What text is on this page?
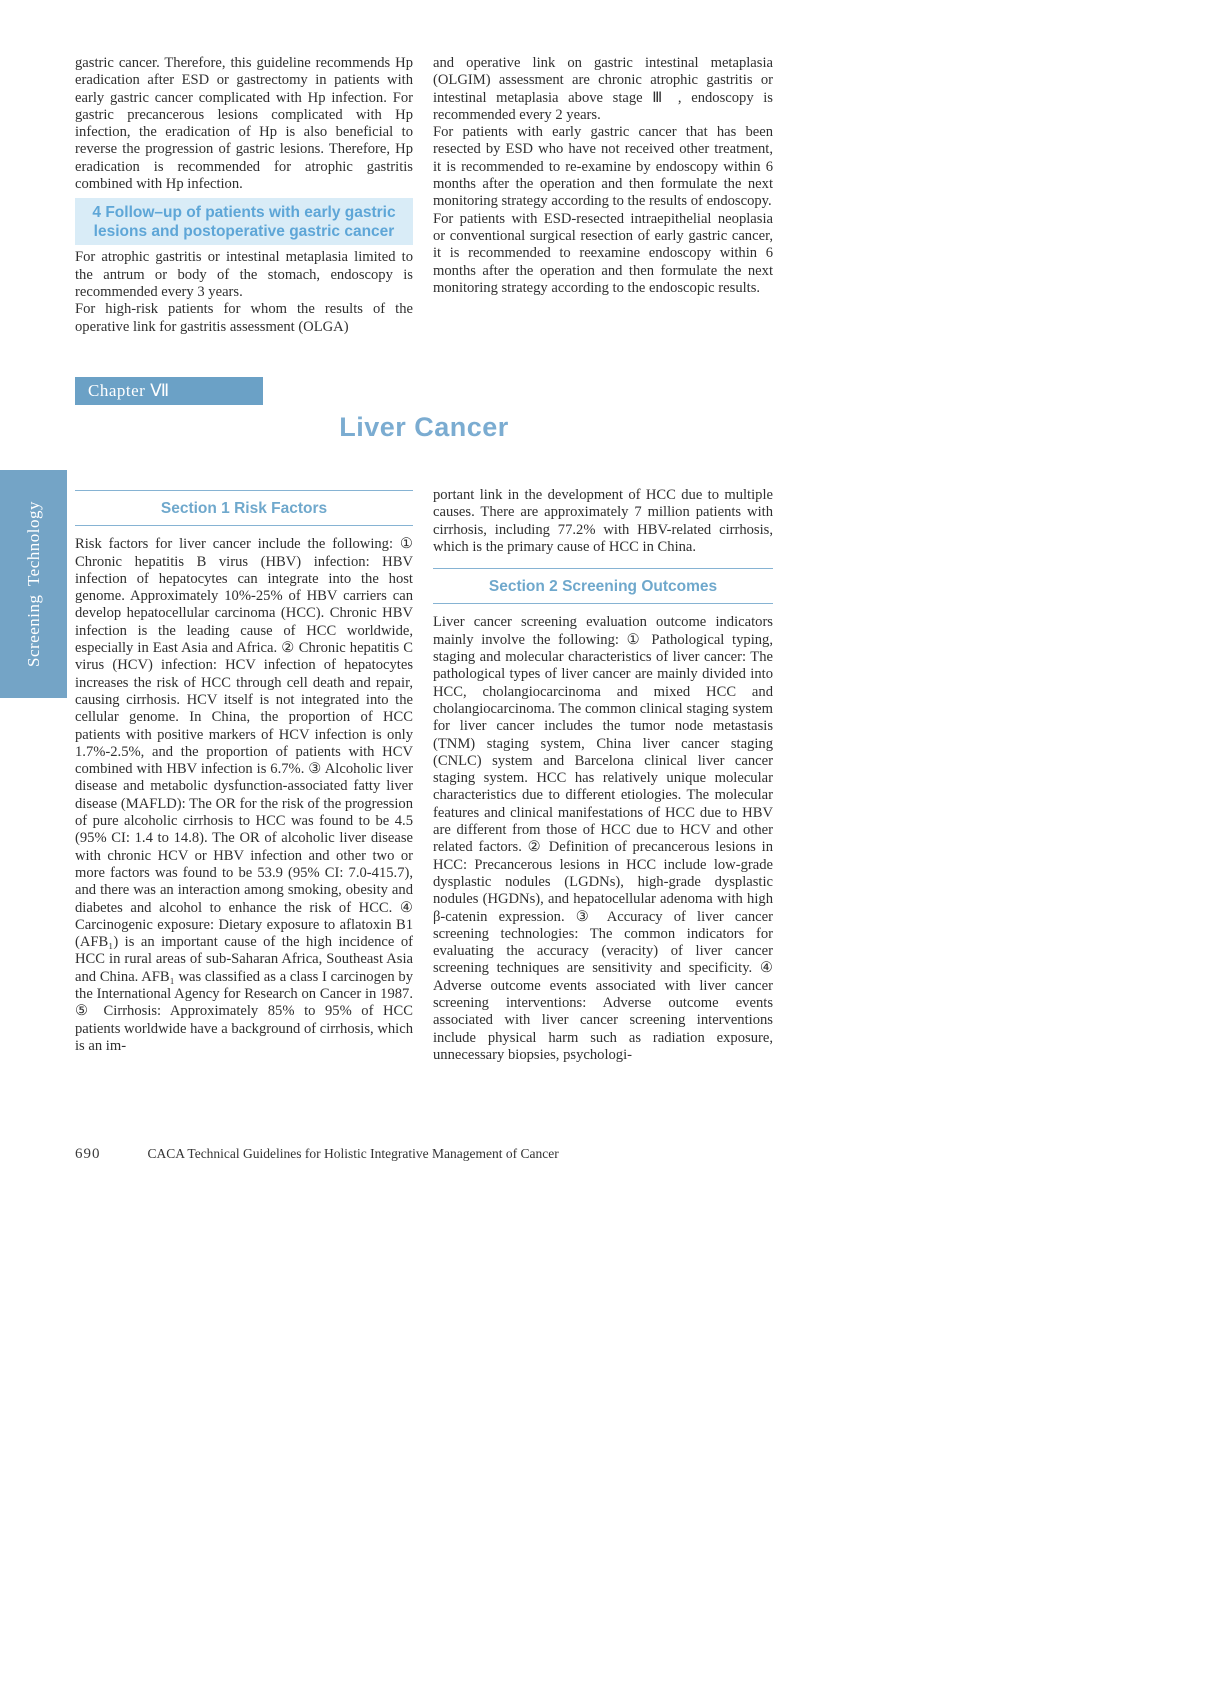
gastric cancer. Therefore, this guideline recommends Hp eradication after ESD or gastrectomy in patients with early gastric cancer complicated with Hp infection. For gastric precancerous lesions complicated with Hp infection, the eradication of Hp is also beneficial to reverse the progression of gastric lesions. Therefore, Hp eradication is recommended for atrophic gastritis combined with Hp infection.

4 Follow–up of patients with early gastric lesions and postoperative gastric cancer

For atrophic gastritis or intestinal metaplasia limited to the antrum or body of the stomach, endoscopy is recommended every 3 years.

For high-risk patients for whom the results of the operative link for gastritis assessment (OLGA)

and operative link on gastric intestinal metaplasia (OLGIM) assessment are chronic atrophic gastritis or intestinal metaplasia above stage Ⅲ , endoscopy is recommended every 2 years.

For patients with early gastric cancer that has been resected by ESD who have not received other treatment, it is recommended to re-examine by endoscopy within 6 months after the operation and then formulate the next monitoring strategy according to the results of endoscopy.

For patients with ESD-resected intraepithelial neoplasia or conventional surgical resection of early gastric cancer, it is recommended to reexamine endoscopy within 6 months after the operation and then formulate the next monitoring strategy according to the endoscopic results.

Chapter Ⅶ
Liver Cancer
Screening Technology	Section 1 Risk Factors

Risk factors for liver cancer include the following: ① Chronic hepatitis B virus (HBV) infection: HBV infection of hepatocytes can integrate into the host genome. Approximately 10%-25% of HBV carriers can develop hepatocellular carcinoma (HCC). Chronic HBV infection is the leading cause of HCC worldwide, especially in East Asia and Africa. ② Chronic hepatitis C virus (HCV) infection: HCV infection of hepatocytes increases the risk of HCC through cell death and repair, causing cirrhosis. HCV itself is not integrated into the cellular genome. In China, the proportion of HCC patients with positive markers of HCV infection is only 1.7%-2.5%, and the proportion of patients with HCV combined with HBV infection is 6.7%. ③ Alcoholic liver disease and metabolic dysfunction-associated fatty liver disease (MAFLD): The OR for the risk of the progression of pure alcoholic cirrhosis to HCC was found to be 4.5 (95% CI: 1.4 to 14.8). The OR of alcoholic liver disease with chronic HCV or HBV infection and other two or more factors was found to be 53.9 (95% CI: 7.0-415.7), and there was an interaction among smoking, obesity and diabetes and alcohol to enhance the risk of HCC. ④ Carcinogenic exposure: Dietary exposure to aflatoxin B1 (AFB₁) is an important cause of the high incidence of HCC in rural areas of sub-Saharan Africa, Southeast Asia and China. AFB₁ was classified as a class I carcinogen by the International Agency for Research on Cancer in 1987. ⑤ Cirrhosis: Approximately 85% to 95% of HCC patients worldwide have a background of cirrhosis, which is an im-

portant link in the development of HCC due to multiple causes. There are approximately 7 million patients with cirrhosis, including 77.2% with HBV-related cirrhosis, which is the primary cause of HCC in China.

Section 2 Screening Outcomes

Liver cancer screening evaluation outcome indicators mainly involve the following: ① Pathological typing, staging and molecular characteristics of liver cancer: The pathological types of liver cancer are mainly divided into HCC, cholangiocarcinoma and mixed HCC and cholangiocarcinoma. The common clinical staging system for liver cancer includes the tumor node metastasis (TNM) staging system, China liver cancer staging (CNLC) system and Barcelona clinical liver cancer staging system. HCC has relatively unique molecular characteristics due to different etiologies. The molecular features and clinical manifestations of HCC due to HBV are different from those of HCC due to HCV and other related factors. ② Definition of precancerous lesions in HCC: Precancerous lesions in HCC include low-grade dysplastic nodules (LGDNs), high-grade dysplastic nodules (HGDNs), and hepatocellular adenoma with high β-catenin expression. ③ Accuracy of liver cancer screening technologies: The common indicators for evaluating the accuracy (veracity) of liver cancer screening techniques are sensitivity and specificity. ④ Adverse outcome events associated with liver cancer screening interventions: Adverse outcome events associated with liver cancer screening interventions include physical harm such as radiation exposure, unnecessary biopsies, psychologi-

690	CACA Technical Guidelines for Holistic Integrative Management of Cancer
